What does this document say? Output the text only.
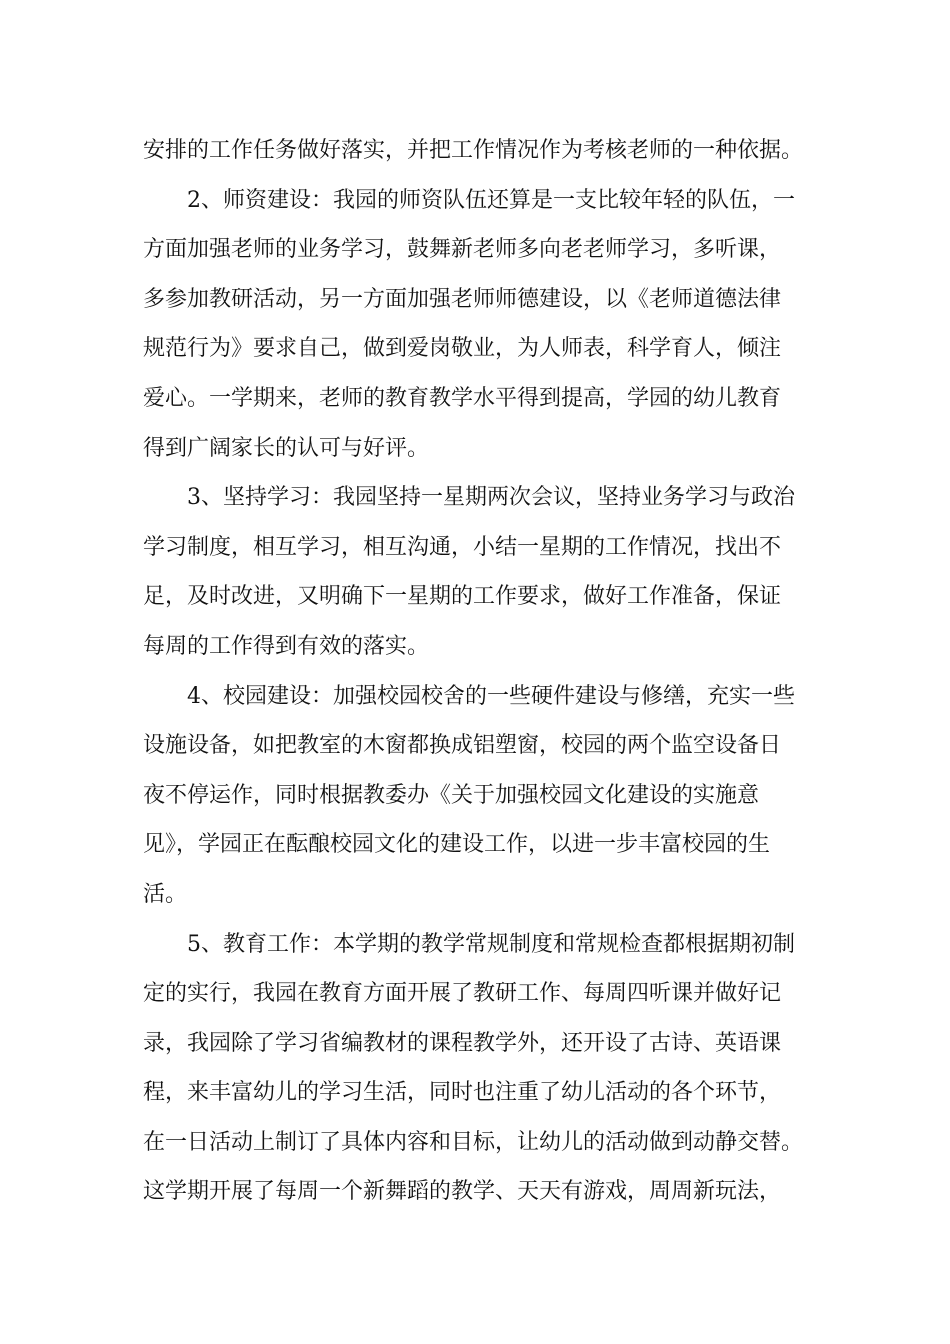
安排的工作任务做好落实，并把工作情况作为考核老师的一种依据。
2、师资建设：我园的师资队伍还算是一支比较年轻的队伍，一
方面加强老师的业务学习，鼓舞新老师多向老老师学习，多听课，
多参加教研活动，另一方面加强老师师德建设，以《老师道德法律
规范行为》要求自己，做到爱岗敬业，为人师表，科学育人，倾注
爱心。一学期来，老师的教育教学水平得到提高，学园的幼儿教育
得到广阔家长的认可与好评。
3、坚持学习：我园坚持一星期两次会议，坚持业务学习与政治
学习制度，相互学习，相互沟通，小结一星期的工作情况，找出不
足，及时改进，又明确下一星期的工作要求，做好工作准备，保证
每周的工作得到有效的落实。
4、校园建设：加强校园校舍的一些硬件建设与修缮，充实一些
设施设备，如把教室的木窗都换成铝塑窗，校园的两个监空设备日
夜不停运作，同时根据教委办《关于加强校园文化建设的实施意
见》，学园正在酝酿校园文化的建设工作，以进一步丰富校园的生
活。
5、教育工作：本学期的教学常规制度和常规检查都根据期初制
定的实行，我园在教育方面开展了教研工作、每周四听课并做好记
录，我园除了学习省编教材的课程教学外，还开设了古诗、英语课
程，来丰富幼儿的学习生活，同时也注重了幼儿活动的各个环节，
在一日活动上制订了具体内容和目标，让幼儿的活动做到动静交替。
这学期开展了每周一个新舞蹈的教学、天天有游戏，周周新玩法，
